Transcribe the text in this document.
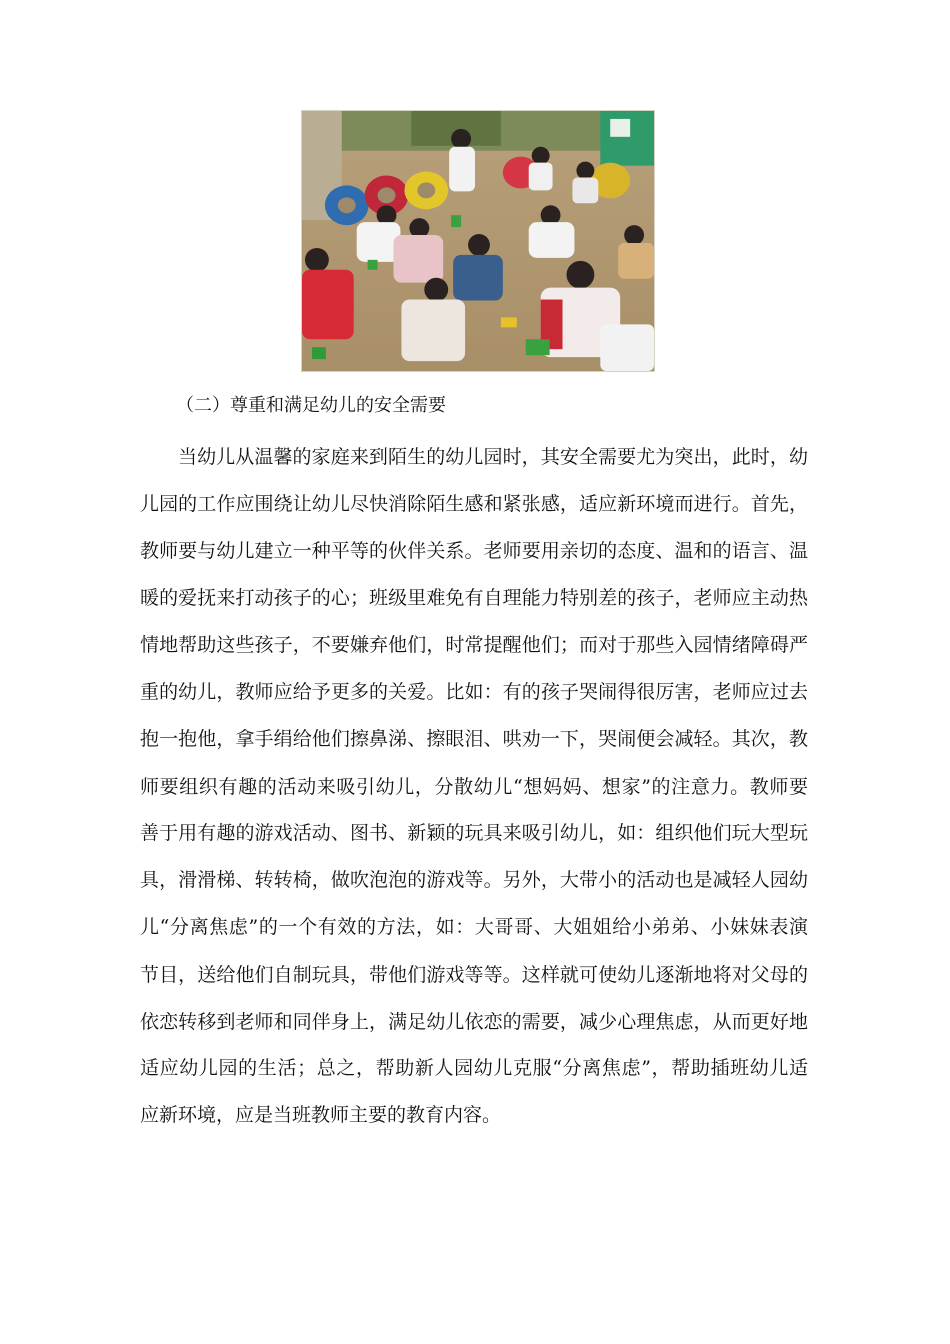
（二）尊重和满足幼儿的安全需要
当幼儿从温馨的家庭来到陌生的幼儿园时，其安全需要尤为突出，此时，幼
儿园的工作应围绕让幼儿尽快消除陌生感和紧张感，适应新环境而进行。首先，
教师要与幼儿建立一种平等的伙伴关系。老师要用亲切的态度、温和的语言、温
暖的爱抚来打动孩子的心；班级里难免有自理能力特别差的孩子，老师应主动热
情地帮助这些孩子，不要嫌弃他们，时常提醒他们；而对于那些入园情绪障碍严
重的幼儿，教师应给予更多的关爱。比如：有的孩子哭闹得很厉害，老师应过去
抱一抱他，拿手绢给他们擦鼻涕、擦眼泪、哄劝一下，哭闹便会减轻。其次，教
师要组织有趣的活动来吸引幼儿，分散幼儿“想妈妈、想家”的注意力。教师要
善于用有趣的游戏活动、图书、新颖的玩具来吸引幼儿，如：组织他们玩大型玩
具，滑滑梯、转转椅，做吹泡泡的游戏等。另外，大带小的活动也是减轻人园幼
儿“分离焦虑”的一个有效的方法，如：大哥哥、大姐姐给小弟弟、小妹妹表演
节目，送给他们自制玩具，带他们游戏等等。这样就可使幼儿逐渐地将对父母的
依恋转移到老师和同伴身上，满足幼儿依恋的需要，减少心理焦虑，从而更好地
适应幼儿园的生活；总之，帮助新人园幼儿克服“分离焦虑”，帮助插班幼儿适
应新环境，应是当班教师主要的教育内容。
